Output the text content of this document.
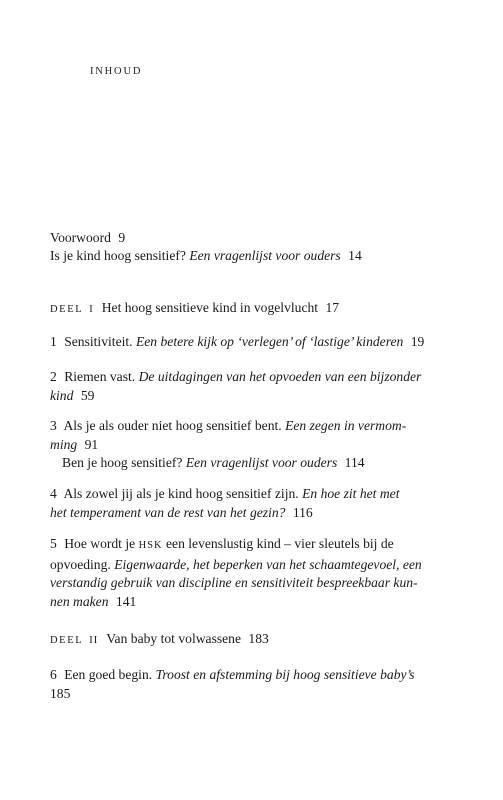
INHOUD
Voorwoord 9
Is je kind hoog sensitief? Een vragenlijst voor ouders 14
DEEL I Het hoog sensitieve kind in vogelvlucht 17
1 Sensitiviteit. Een betere kijk op ‘verlegen’ of ‘lastige’ kinderen 19
2 Riemen vast. De uitdagingen van het opvoeden van een bijzonder
kind 59
3 Als je als ouder niet hoog sensitief bent. Een zegen in vermom-
ming 91
Ben je hoog sensitief? Een vragenlijst voor ouders 114
4 Als zowel jij als je kind hoog sensitief zijn. En hoe zit het met
het temperament van de rest van het gezin? 116
5 Hoe wordt je HSK een levenslustig kind – vier sleutels bij de
opvoeding. Eigenwaarde, het beperken van het schaamtegevoel, een
verstandig gebruik van discipline en sensitiviteit bespreekbaar kun-
nen maken 141
DEEL II Van baby tot volwassene 183
6 Een goed begin. Troost en afstemming bij hoog sensitieve baby’s
185
